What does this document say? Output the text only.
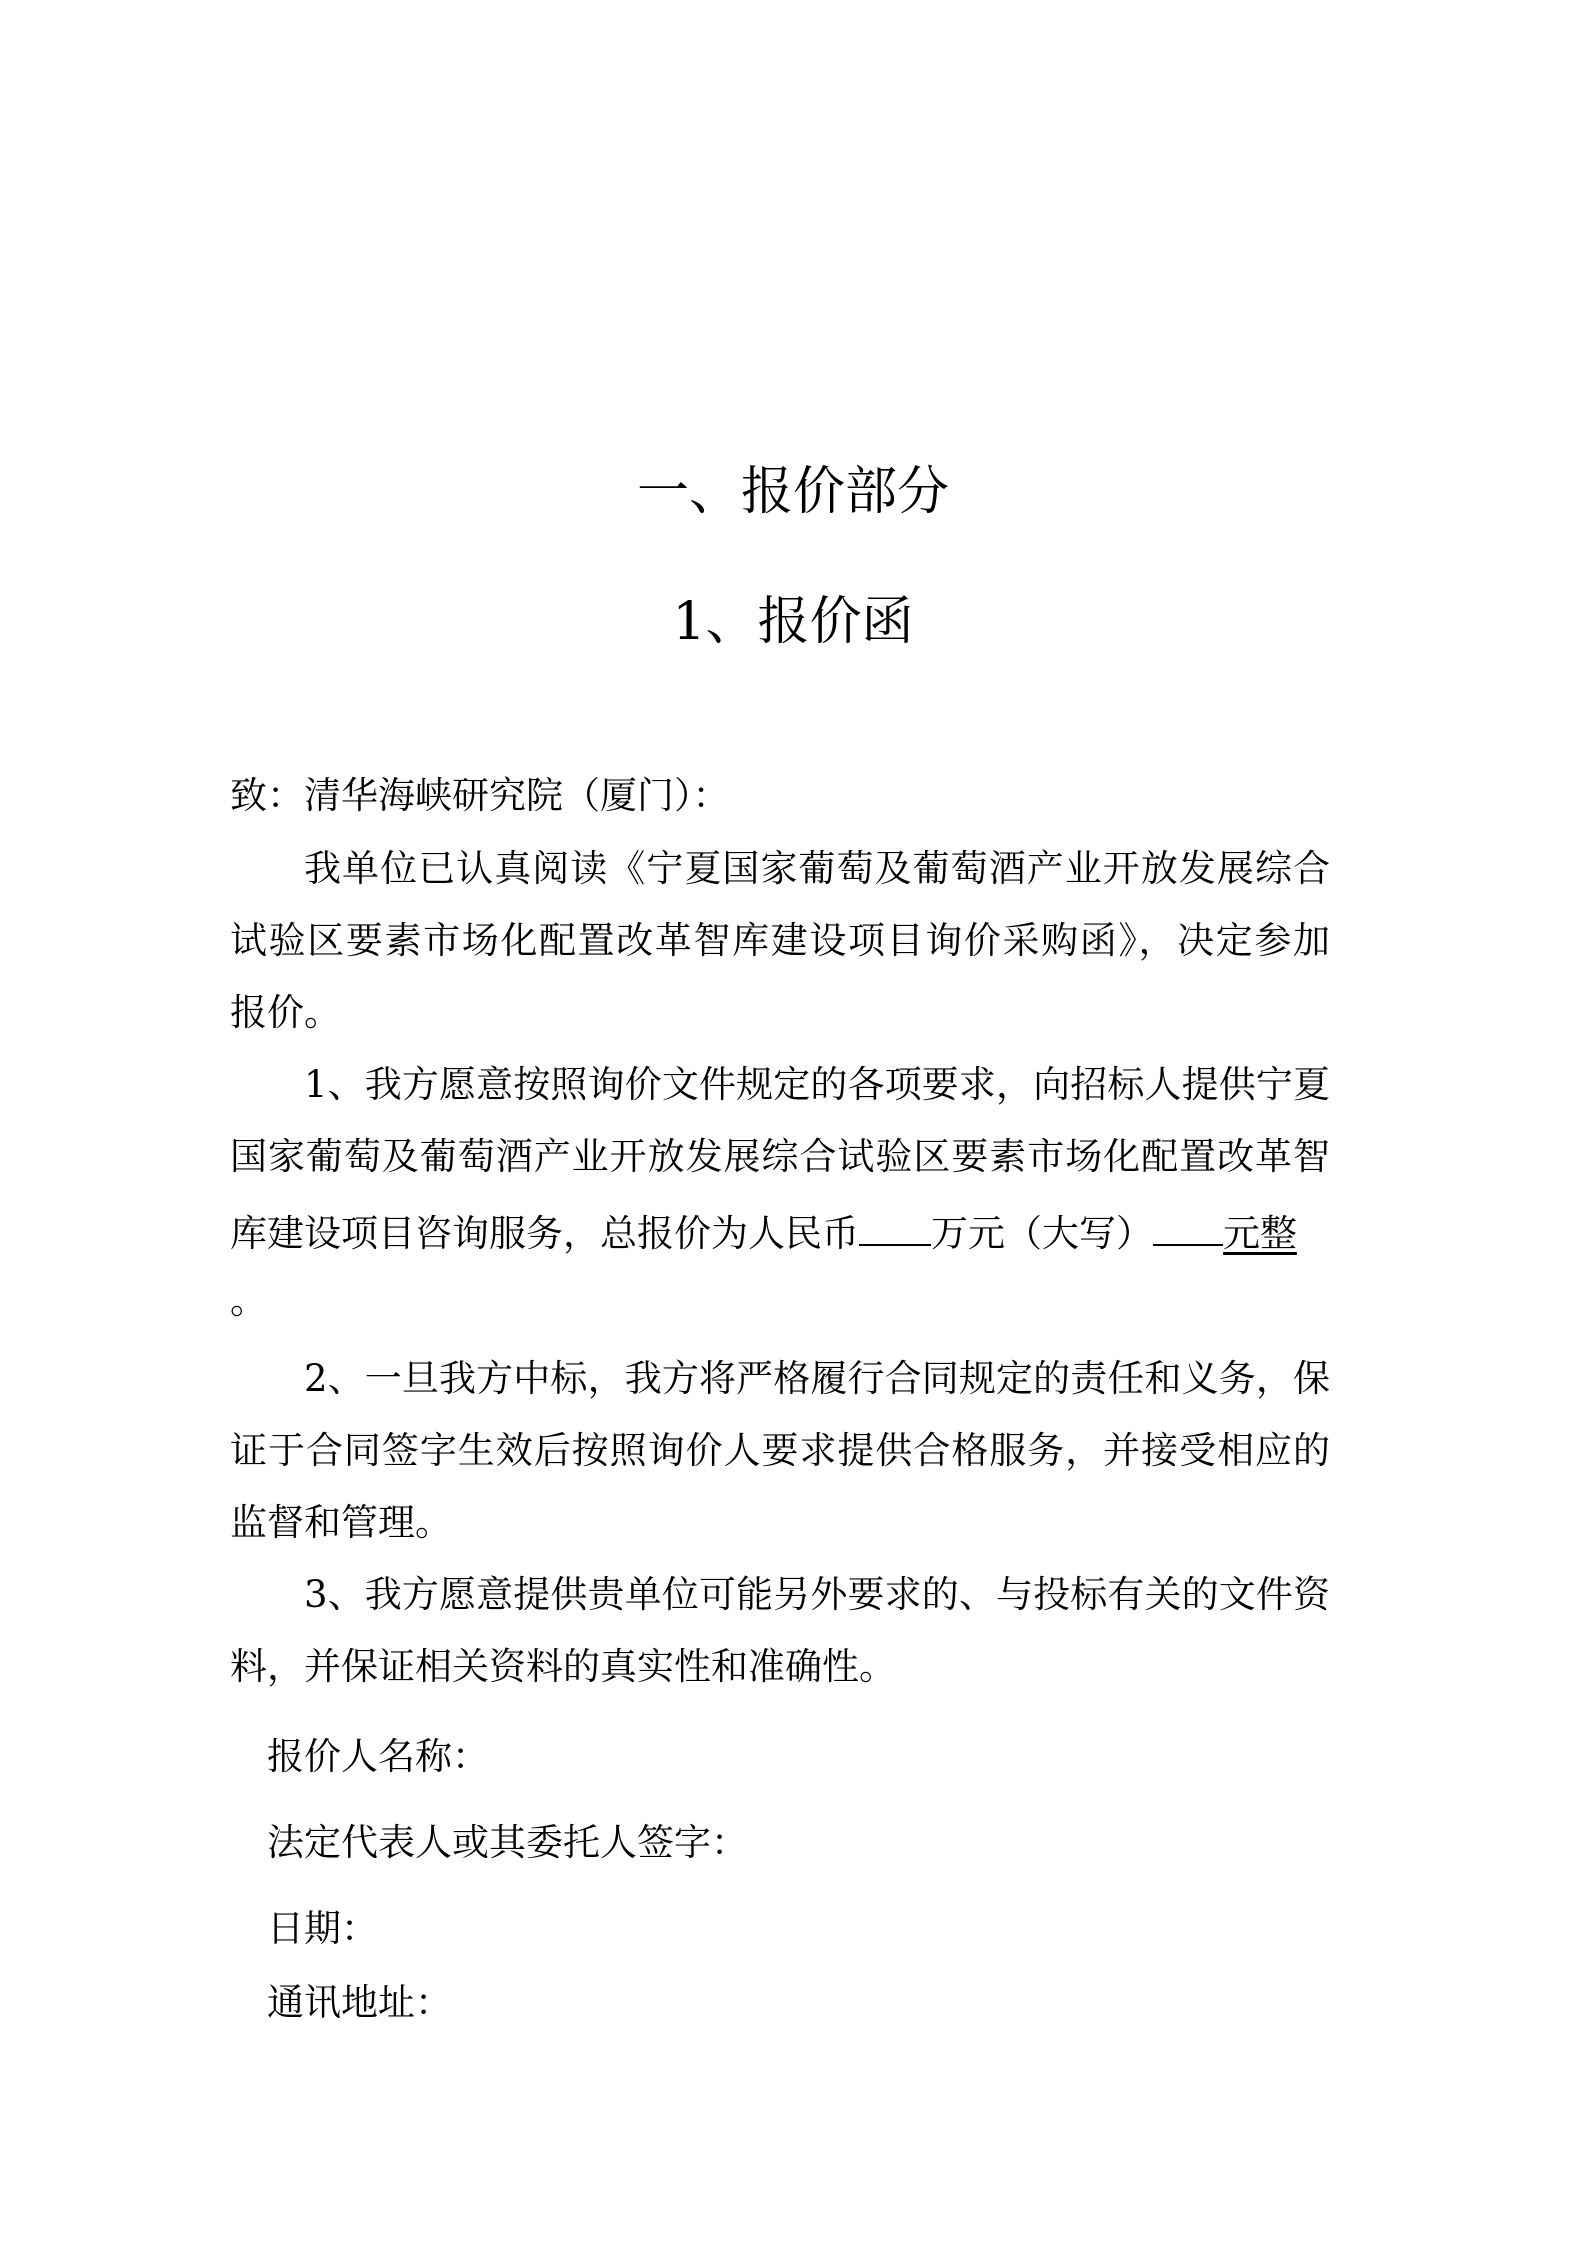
一、报价部分
1、报价函
致：清华海峡研究院（厦门）：
我单位已认真阅读《宁夏国家葡萄及葡萄酒产业开放发展综合
试验区要素市场化配置改革智库建设项目询价采购函》，决定参加
报价。
1、我方愿意按照询价文件规定的各项要求，向招标人提供宁夏
国家葡萄及葡萄酒产业开放发展综合试验区要素市场化配置改革智
库建设项目咨询服务，总报价为人民币 万元（大写） 元整
。
2、一旦我方中标，我方将严格履行合同规定的责任和义务，保
证于合同签字生效后按照询价人要求提供合格服务，并接受相应的
监督和管理。
3、我方愿意提供贵单位可能另外要求的、与投标有关的文件资
料，并保证相关资料的真实性和准确性。
报价人名称：
法定代表人或其委托人签字：
日期：
通讯地址：
